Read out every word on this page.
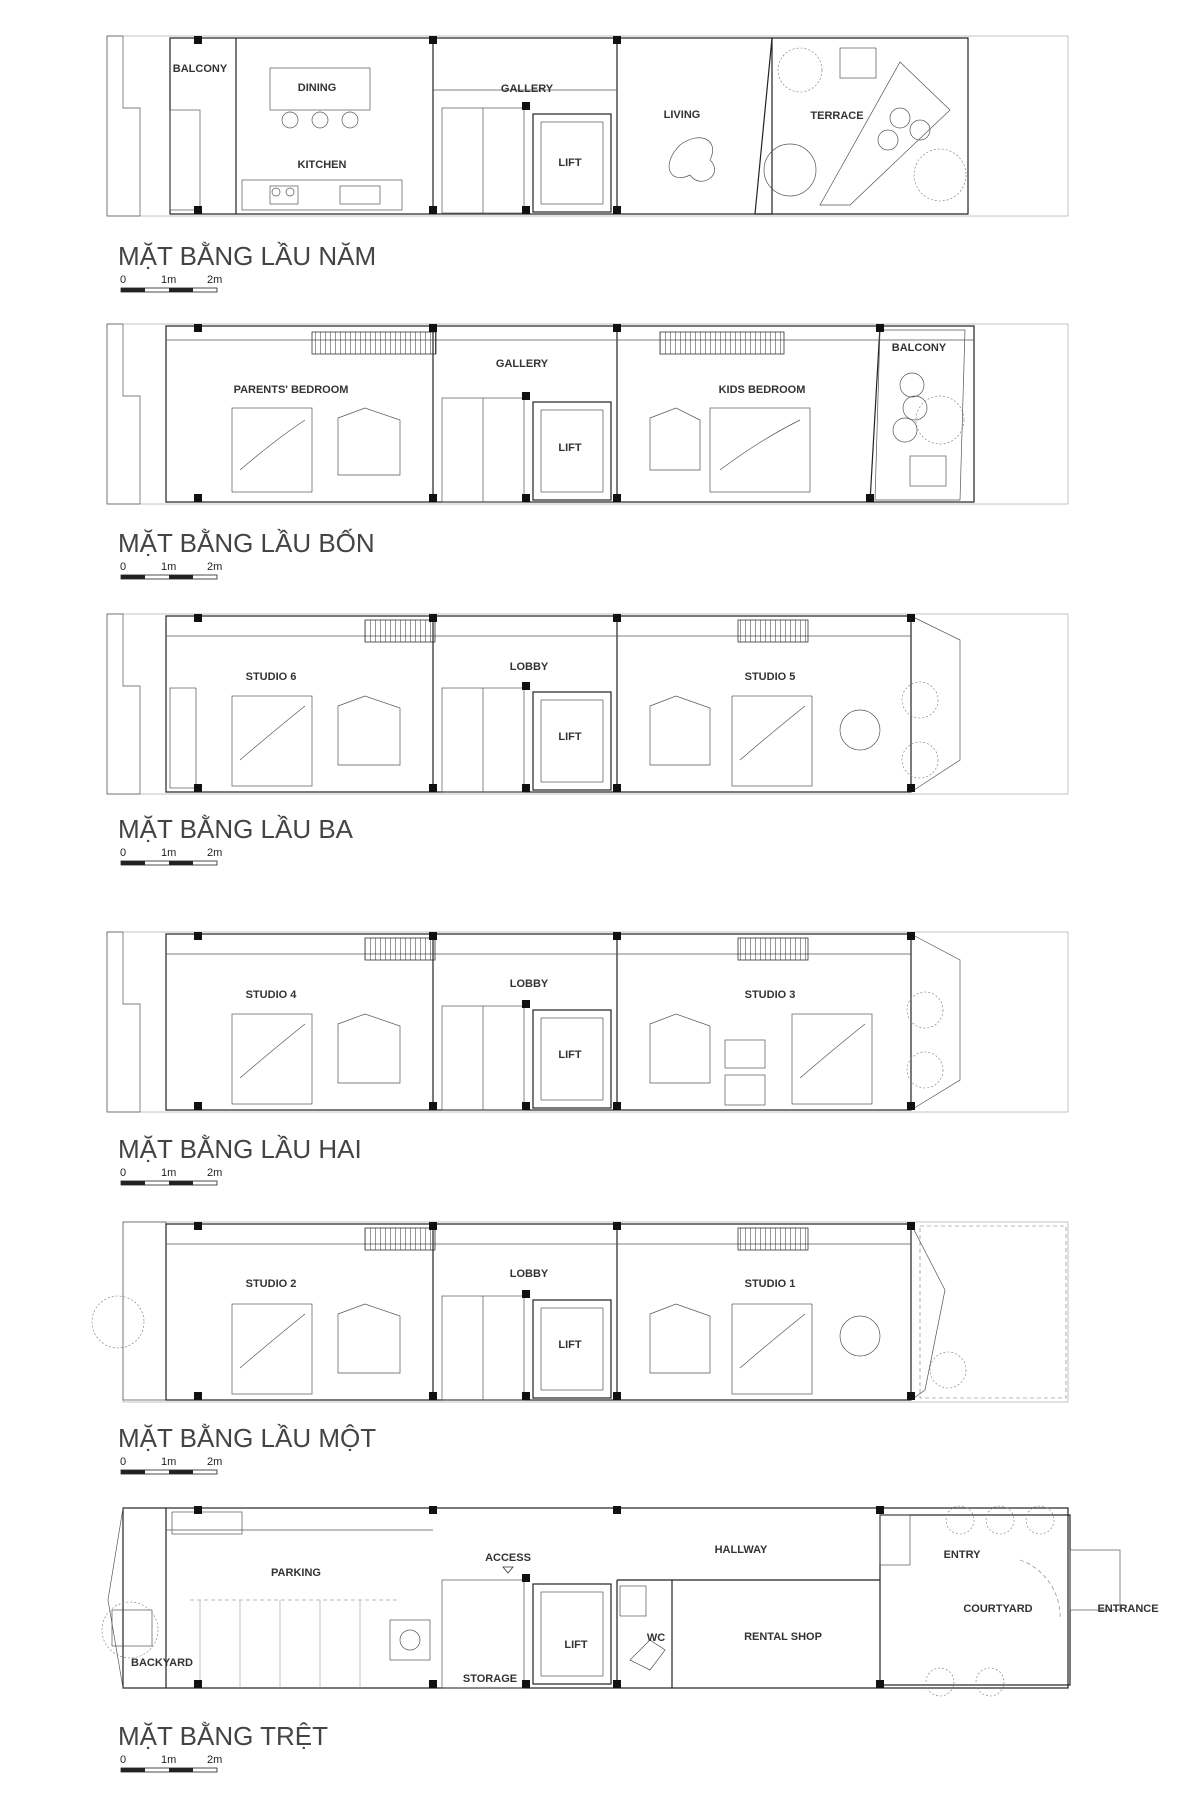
BALCONY
DINING
KITCHEN
GALLERY
LIFT
LIVING	TERRACE
MẶT BẰNG LẦU NĂM
0	1m	2m
GALLERY
PARENTS' BEDROOM
LIFT
KIDS BEDROOM
BALCONY
MẶT BẰNG LẦU BỐN
0	1m	2m
STUDIO 6
LOBBY
LIFT
STUDIO 5
MẶT BẰNG LẦU BA
0	1m	2m
STUDIO 4
LOBBY
LIFT
STUDIO 3
MẶT BẰNG LẦU HAI
0	1m	2m
STUDIO 2
LOBBY
LIFT
STUDIO 1
MẶT BẰNG LẦU MỘT
0	1m	2m
PARKING
ACCESS
HALLWAY	ENTRY
COURTYARD	ENTRANCE
BACKYARD
WC	RENTAL SHOP
LIFT
STORAGE
MẶT BẰNG TRỆT
0	1m	2m
